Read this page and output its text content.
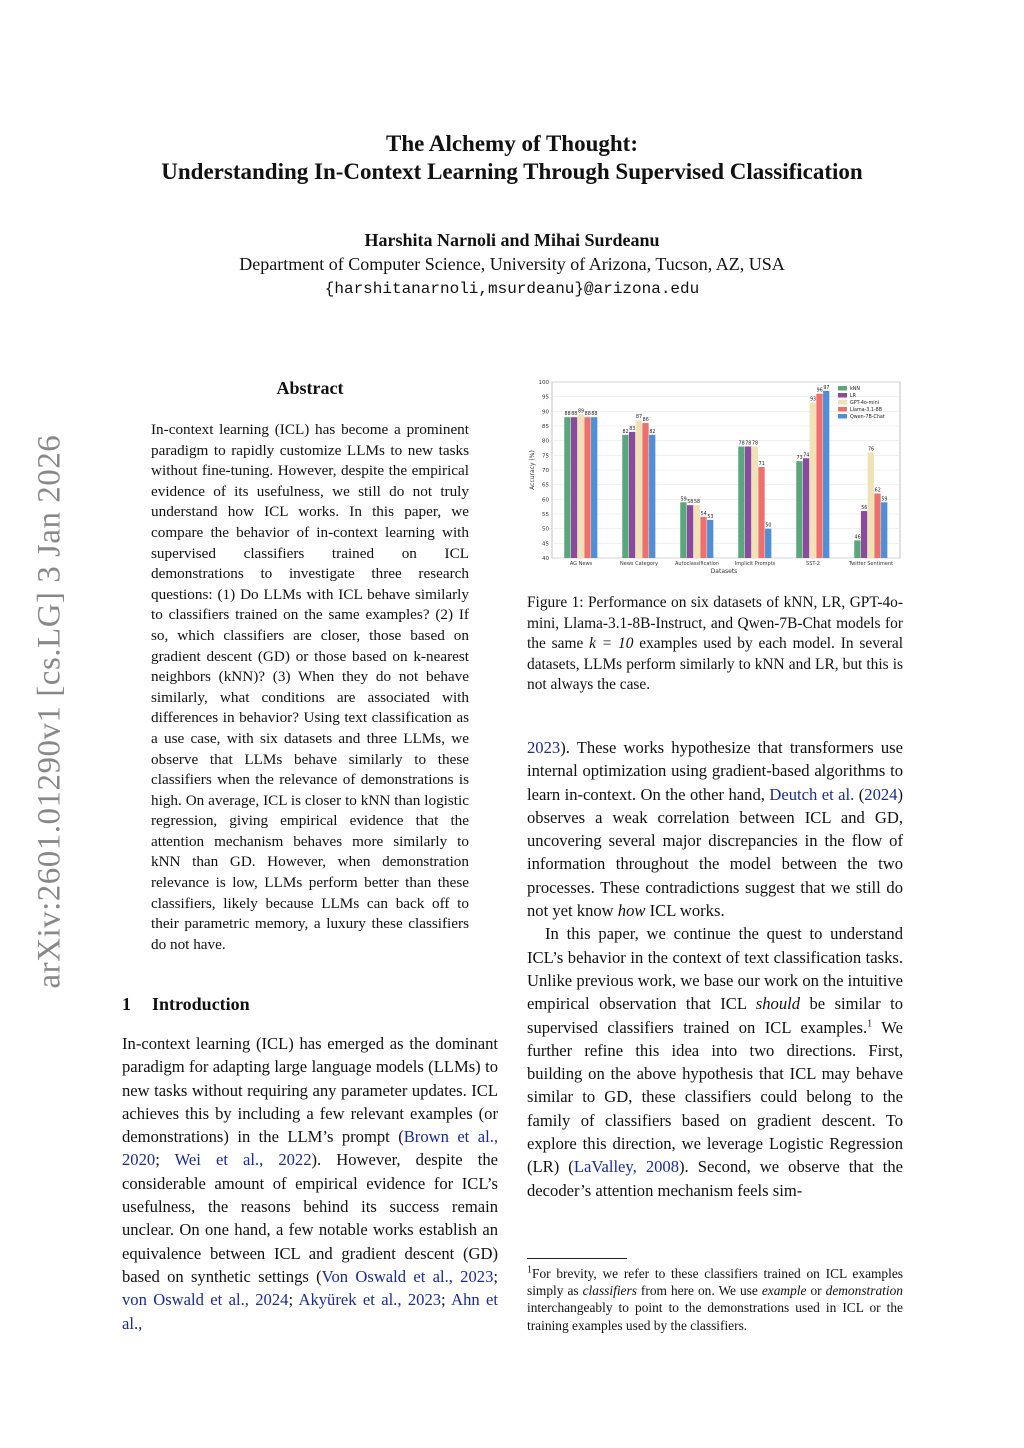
arXiv:2601.01290v1 [cs.LG] 3 Jan 2026
The Alchemy of Thought:
Understanding In-Context Learning Through Supervised Classification
Harshita Narnoli and Mihai Surdeanu
Department of Computer Science, University of Arizona, Tucson, AZ, USA
{harshitanarnoli,msurdeanu}@arizona.edu
Abstract

In-context learning (ICL) has become a prominent paradigm to rapidly customize LLMs to new tasks without fine-tuning. However, despite the empirical evidence of its usefulness, we still do not truly understand how ICL works. In this paper, we compare the behavior of in-context learning with supervised classifiers trained on ICL demonstrations to investigate three research questions: (1) Do LLMs with ICL behave similarly to classifiers trained on the same examples? (2) If so, which classifiers are closer, those based on gradient descent (GD) or those based on k-nearest neighbors (kNN)? (3) When they do not behave similarly, what conditions are associated with differences in behavior? Using text classification as a use case, with six datasets and three LLMs, we observe that LLMs behave similarly to these classifiers when the relevance of demonstrations is high. On average, ICL is closer to kNN than logistic regression, giving empirical evidence that the attention mechanism behaves more similarly to kNN than GD. However, when demonstration relevance is low, LLMs perform better than these classifiers, likely because LLMs can back off to their parametric memory, a luxury these classifiers do not have.

1 Introduction

In-context learning (ICL) has emerged as the dominant paradigm for adapting large language models (LLMs) to new tasks without requiring any parameter updates. ICL achieves this by including a few relevant examples (or demonstrations) in the LLM’s prompt (Brown et al., 2020; Wei et al., 2022). However, despite the considerable amount of empirical evidence for ICL’s usefulness, the reasons behind its success remain unclear. On one hand, a few notable works establish an equivalence between ICL and gradient descent (GD) based on synthetic settings (Von Oswald et al., 2023; von Oswald et al., 2024; Akyürek et al., 2023; Ahn et al.,

40
45
50
55
60
65
70
75
80
85
90
95
100
Accuracy (%)
Datasets
88 88
89
88 88
AG News
82
83
87
86
82
News Category
59
58 58
54
53
Autoclassification
78 78 78
71
50
Implicit Prompts
73
74
93
96
97
SST-2
46
56
76
62
59
Twitter Sentiment
kNN
LR
GPT-4o-mini
Llama-3.1-8B
Qwen-7B-Chat

Figure 1: Performance on six datasets of kNN, LR, GPT-4o-mini, Llama-3.1-8B-Instruct, and Qwen-7B-Chat models for the same k = 10 examples used by each model. In several datasets, LLMs perform similarly to kNN and LR, but this is not always the case.

2023). These works hypothesize that transformers use internal optimization using gradient-based algorithms to learn in-context. On the other hand, Deutch et al. (2024) observes a weak correlation between ICL and GD, uncovering several major discrepancies in the flow of information throughout the model between the two processes. These contradictions suggest that we still do not yet know how ICL works.

In this paper, we continue the quest to understand ICL’s behavior in the context of text classification tasks. Unlike previous work, we base our work on the intuitive empirical observation that ICL should be similar to supervised classifiers trained on ICL examples.$^1$ We further refine this idea into two directions. First, building on the above hypothesis that ICL may behave similar to GD, these classifiers could belong to the family of classifiers based on gradient descent. To explore this direction, we leverage Logistic Regression (LR) (LaValley, 2008). Second, we observe that the decoder’s attention mechanism feels sim-

$^1$For brevity, we refer to these classifiers trained on ICL examples simply as classifiers from here on. We use example or demonstration interchangeably to point to the demonstrations used in ICL or the training examples used by the classifiers.
